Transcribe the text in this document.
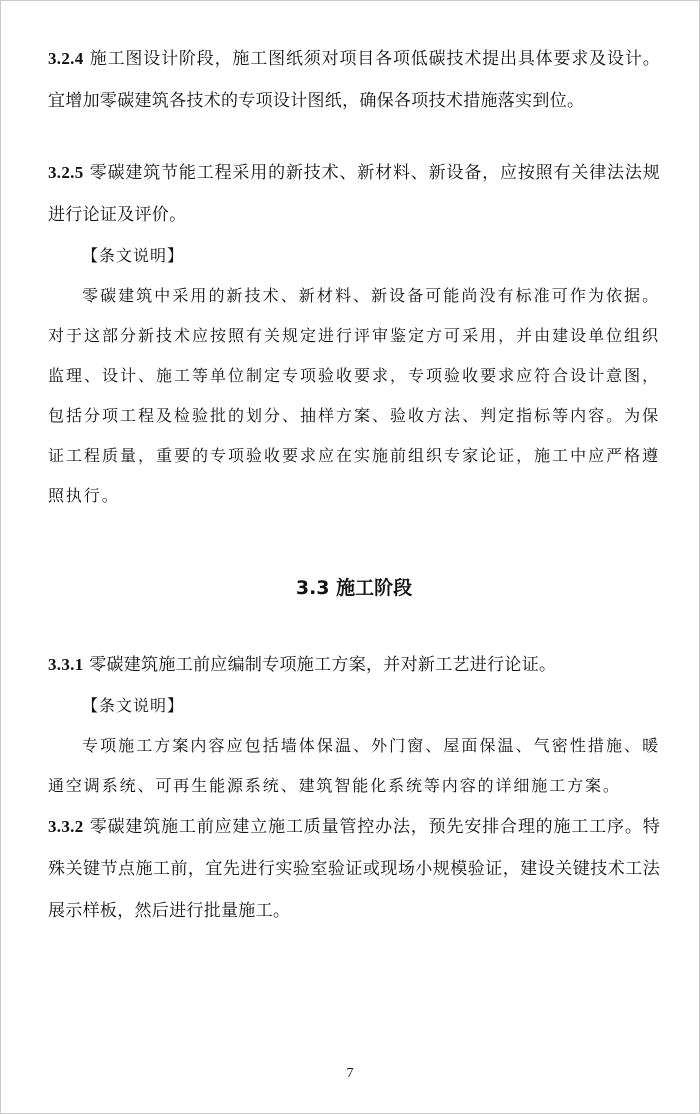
3.2.4 施工图设计阶段，施工图纸须对项目各项低碳技术提出具体要求及设计。宜增加零碳建筑各技术的专项设计图纸，确保各项技术措施落实到位。

3.2.5 零碳建筑节能工程采用的新技术、新材料、新设备，应按照有关律法法规进行论证及评价。

【条文说明】

零碳建筑中采用的新技术、新材料、新设备可能尚没有标准可作为依据。对于这部分新技术应按照有关规定进行评审鉴定方可采用，并由建设单位组织监理、设计、施工等单位制定专项验收要求，专项验收要求应符合设计意图，包括分项工程及检验批的划分、抽样方案、验收方法、判定指标等内容。为保证工程质量，重要的专项验收要求应在实施前组织专家论证，施工中应严格遵照执行。

3.3 施工阶段

3.3.1 零碳建筑施工前应编制专项施工方案，并对新工艺进行论证。

【条文说明】

专项施工方案内容应包括墙体保温、外门窗、屋面保温、气密性措施、暖通空调系统、可再生能源系统、建筑智能化系统等内容的详细施工方案。

3.3.2 零碳建筑施工前应建立施工质量管控办法，预先安排合理的施工工序。特殊关键节点施工前，宜先进行实验室验证或现场小规模验证，建设关键技术工法展示样板，然后进行批量施工。

7
